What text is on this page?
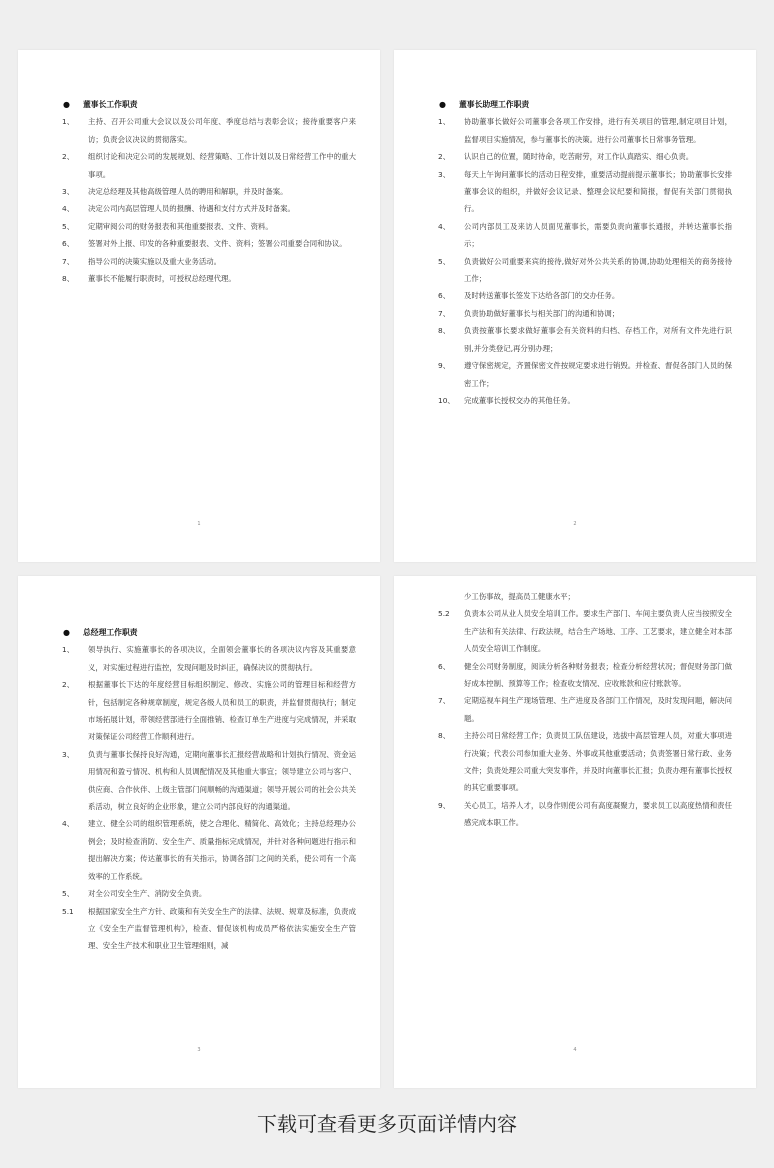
●	董事长工作职责
1、	主持、召开公司重大会议以及公司年度、季度总结与表彰会议；接待重要客户来访；负责会议决议的贯彻落实。
2、	组织讨论和决定公司的发展规划、经营策略、工作计划以及日常经营工作中的重大事项。
3、	决定总经理及其他高级管理人员的聘用和解职，并及时备案。
4、	决定公司内高层管理人员的报酬、待遇和支付方式并及时备案。
5、	定期审阅公司的财务报表和其他重要报表、文件、资料。
6、	签署对外上报、印发的各种重要报表、文件、资料；签署公司重要合同和协议。
7、	指导公司的决策实施以及重大业务活动。
8、	董事长不能履行职责时，可授权总经理代理。
1
●	董事长助理工作职责
1、	协助董事长做好公司董事会各项工作安排，进行有关项目的管理,制定项目计划，监督项目实施情况，参与董事长的决策。进行公司董事长日常事务管理。
2、	认识自己的位置，随时待命，吃苦耐劳，对工作认真踏实、细心负责。
3、	每天上午询问董事长的活动日程安排，重要活动提前提示董事长；协助董事长安排董事会议的组织，并做好会议记录、整理会议纪要和简报，督促有关部门贯彻执行。
4、	公司内部员工及来访人员面见董事长，需要负责向董事长通报，并转达董事长指示；
5、	负责做好公司重要来宾的接待,做好对外公共关系的协调,协助处理相关的商务接待工作；
6、	及时转送董事长签发下达给各部门的交办任务。
7、	负责协助做好董事长与相关部门的沟通和协调；
8、	负责按董事长要求做好董事会有关资料的归档、存档工作，对所有文件先进行识别,并分类登记,再分别办理；
9、	遵守保密规定，齐置保密文件按规定要求进行销毁。并检查、督促各部门人员的保密工作；
10、	完成董事长授权交办的其他任务。
2
●	总经理工作职责
1、	领导执行、实施董事长的各项决议，全面领会董事长的各项决议内容及其重要意义，对实施过程进行监控，发现问题及时纠正，确保决议的贯彻执行。
2、	根据董事长下达的年度经营目标组织制定、修改、实施公司的管理目标和经营方针，包括制定各种规章制度，规定各级人员和员工的职责，并监督贯彻执行；制定市场拓展计划，带领经营部进行全面推销、检查订单生产进度与完成情况，并采取对策保证公司经营工作顺利进行。
3、	负责与董事长保持良好沟通，定期向董事长汇报经营战略和计划执行情况、资金运用情况和盈亏情况、机构和人员调配情况及其他重大事宜；领导建立公司与客户、供应商、合作伙伴、上级主管部门间顺畅的沟通渠道；领导开展公司的社会公共关系活动，树立良好的企业形象，建立公司内部良好的沟通渠道。
4、	建立、健全公司的组织管理系统，使之合理化、精简化、高效化；主持总经理办公例会；及时检查消防、安全生产、质量指标完成情况，并针对各种问题进行指示和提出解决方案；传达董事长的有关指示，协调各部门之间的关系，使公司有一个高效率的工作系统。
5、	对全公司安全生产、消防安全负责。
5.1	根据国家安全生产方针、政策和有关安全生产的法律、法规、规章及标准，负责成立《安全生产监督管理机构》，检查、督促该机构成员严格依法实施安全生产管理、安全生产技术和职业卫生管理细则，减
3
少工伤事故，提高员工健康水平；
5.2	负责本公司从业人员安全培训工作。要求生产部门、车间主要负责人应当按照安全生产法和有关法律、行政法规，结合生产场地、工序、工艺要求，建立健全对本部人员安全培训工作制度。
6、	健全公司财务制度，阅读分析各种财务报表；检查分析经营状况；督促财务部门做好成本控制、预算等工作；检查收支情况、应收账款和应付账款等。
7、	定期巡视车间生产现场管理、生产进度及各部门工作情况，及时发现问题，解决问题。
8、	主持公司日常经营工作；负责员工队伍建设，选拔中高层管理人员，对重大事项进行决策；代表公司参加重大业务、外事或其他重要活动；负责签署日常行政、业务文件；负责处理公司重大突发事件，并及时向董事长汇报；负责办理有董事长授权的其它重要事项。
9、	关心员工，培养人才，以身作则使公司有高度凝聚力，要求员工以高度热情和责任感完成本职工作。
4
下载可查看更多页面详情内容
